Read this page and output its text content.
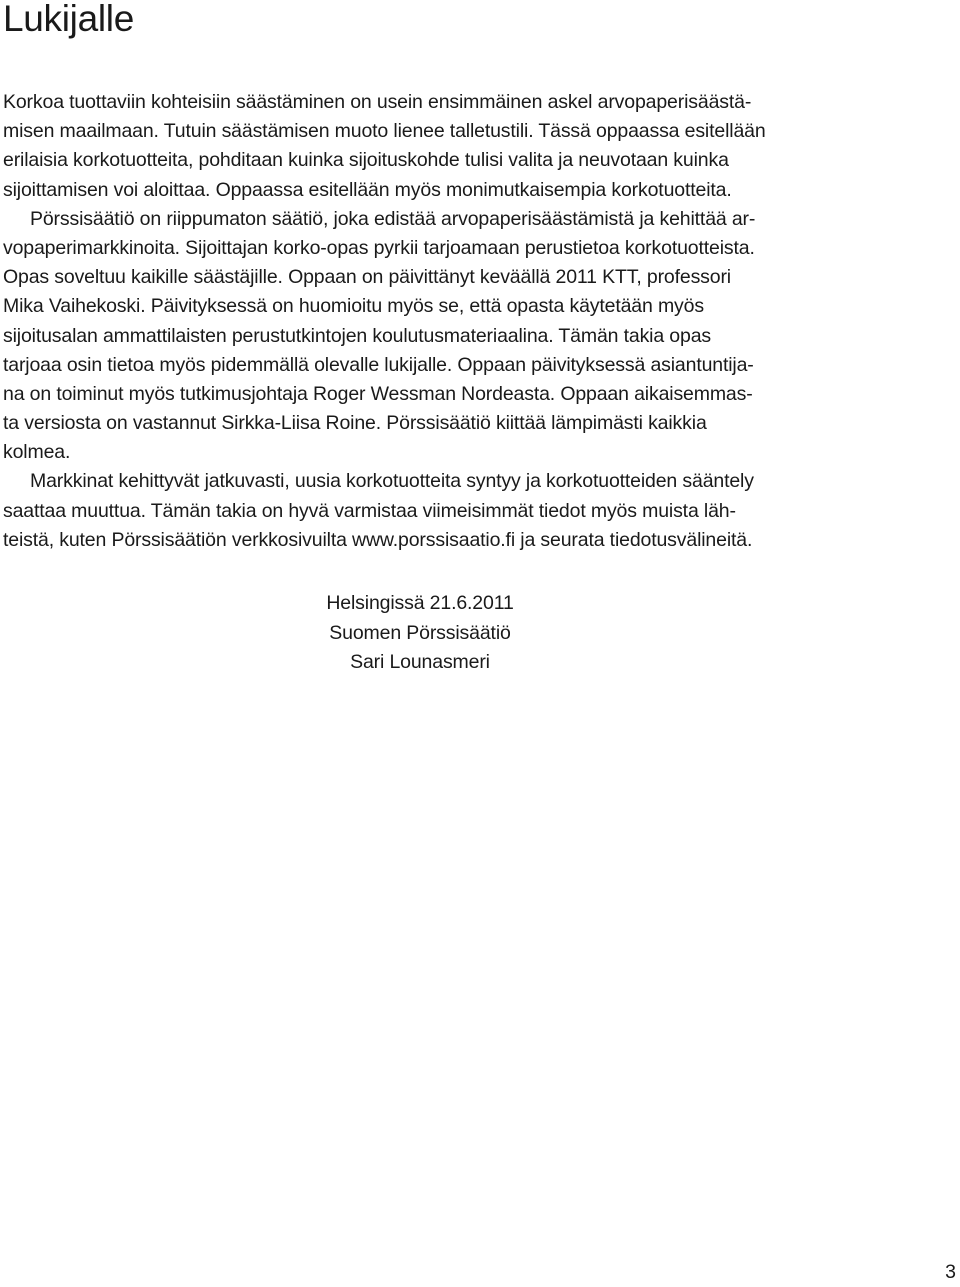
Lukijalle
Korkoa tuottaviin kohteisiin säästäminen on usein ensimmäinen askel arvopaperisäästä-
misen maailmaan. Tutuin säästämisen muoto lienee talletustili. Tässä oppaassa esitellään
erilaisia korkotuotteita, pohditaan kuinka sijoituskohde tulisi valita ja neuvotaan kuinka
sijoittamisen voi aloittaa. Oppaassa esitellään myös monimutkaisempia korkotuotteita.
Pörssisäätiö on riippumaton säätiö, joka edistää arvopaperisäästämistä ja kehittää ar-
vopaperimarkkinoita. Sijoittajan korko-opas pyrkii tarjoamaan perustietoa korkotuotteista.
Opas soveltuu kaikille säästäjille. Oppaan on päivittänyt keväällä 2011 KTT, professori
Mika Vaihekoski. Päivityksessä on huomioitu myös se, että opasta käytetään myös
sijoitusalan ammattilaisten perustutkintojen koulutusmateriaalina. Tämän takia opas
tarjoaa osin tietoa myös pidemmällä olevalle lukijalle. Oppaan päivityksessä asiantuntija-
na on toiminut myös tutkimusjohtaja Roger Wessman Nordeasta. Oppaan aikaisemmas-
ta versiosta on vastannut Sirkka-Liisa Roine. Pörssisäätiö kiittää lämpimästi kaikkia
kolmea.
Markkinat kehittyvät jatkuvasti, uusia korkotuotteita syntyy ja korkotuotteiden sääntely
saattaa muuttua. Tämän takia on hyvä varmistaa viimeisimmät tiedot myös muista läh-
teistä, kuten Pörssisäätiön verkkosivuilta www.porssisaatio.fi ja seurata tiedotusvälineitä.
Helsingissä 21.6.2011
Suomen Pörssisäätiö
Sari Lounasmeri
3
